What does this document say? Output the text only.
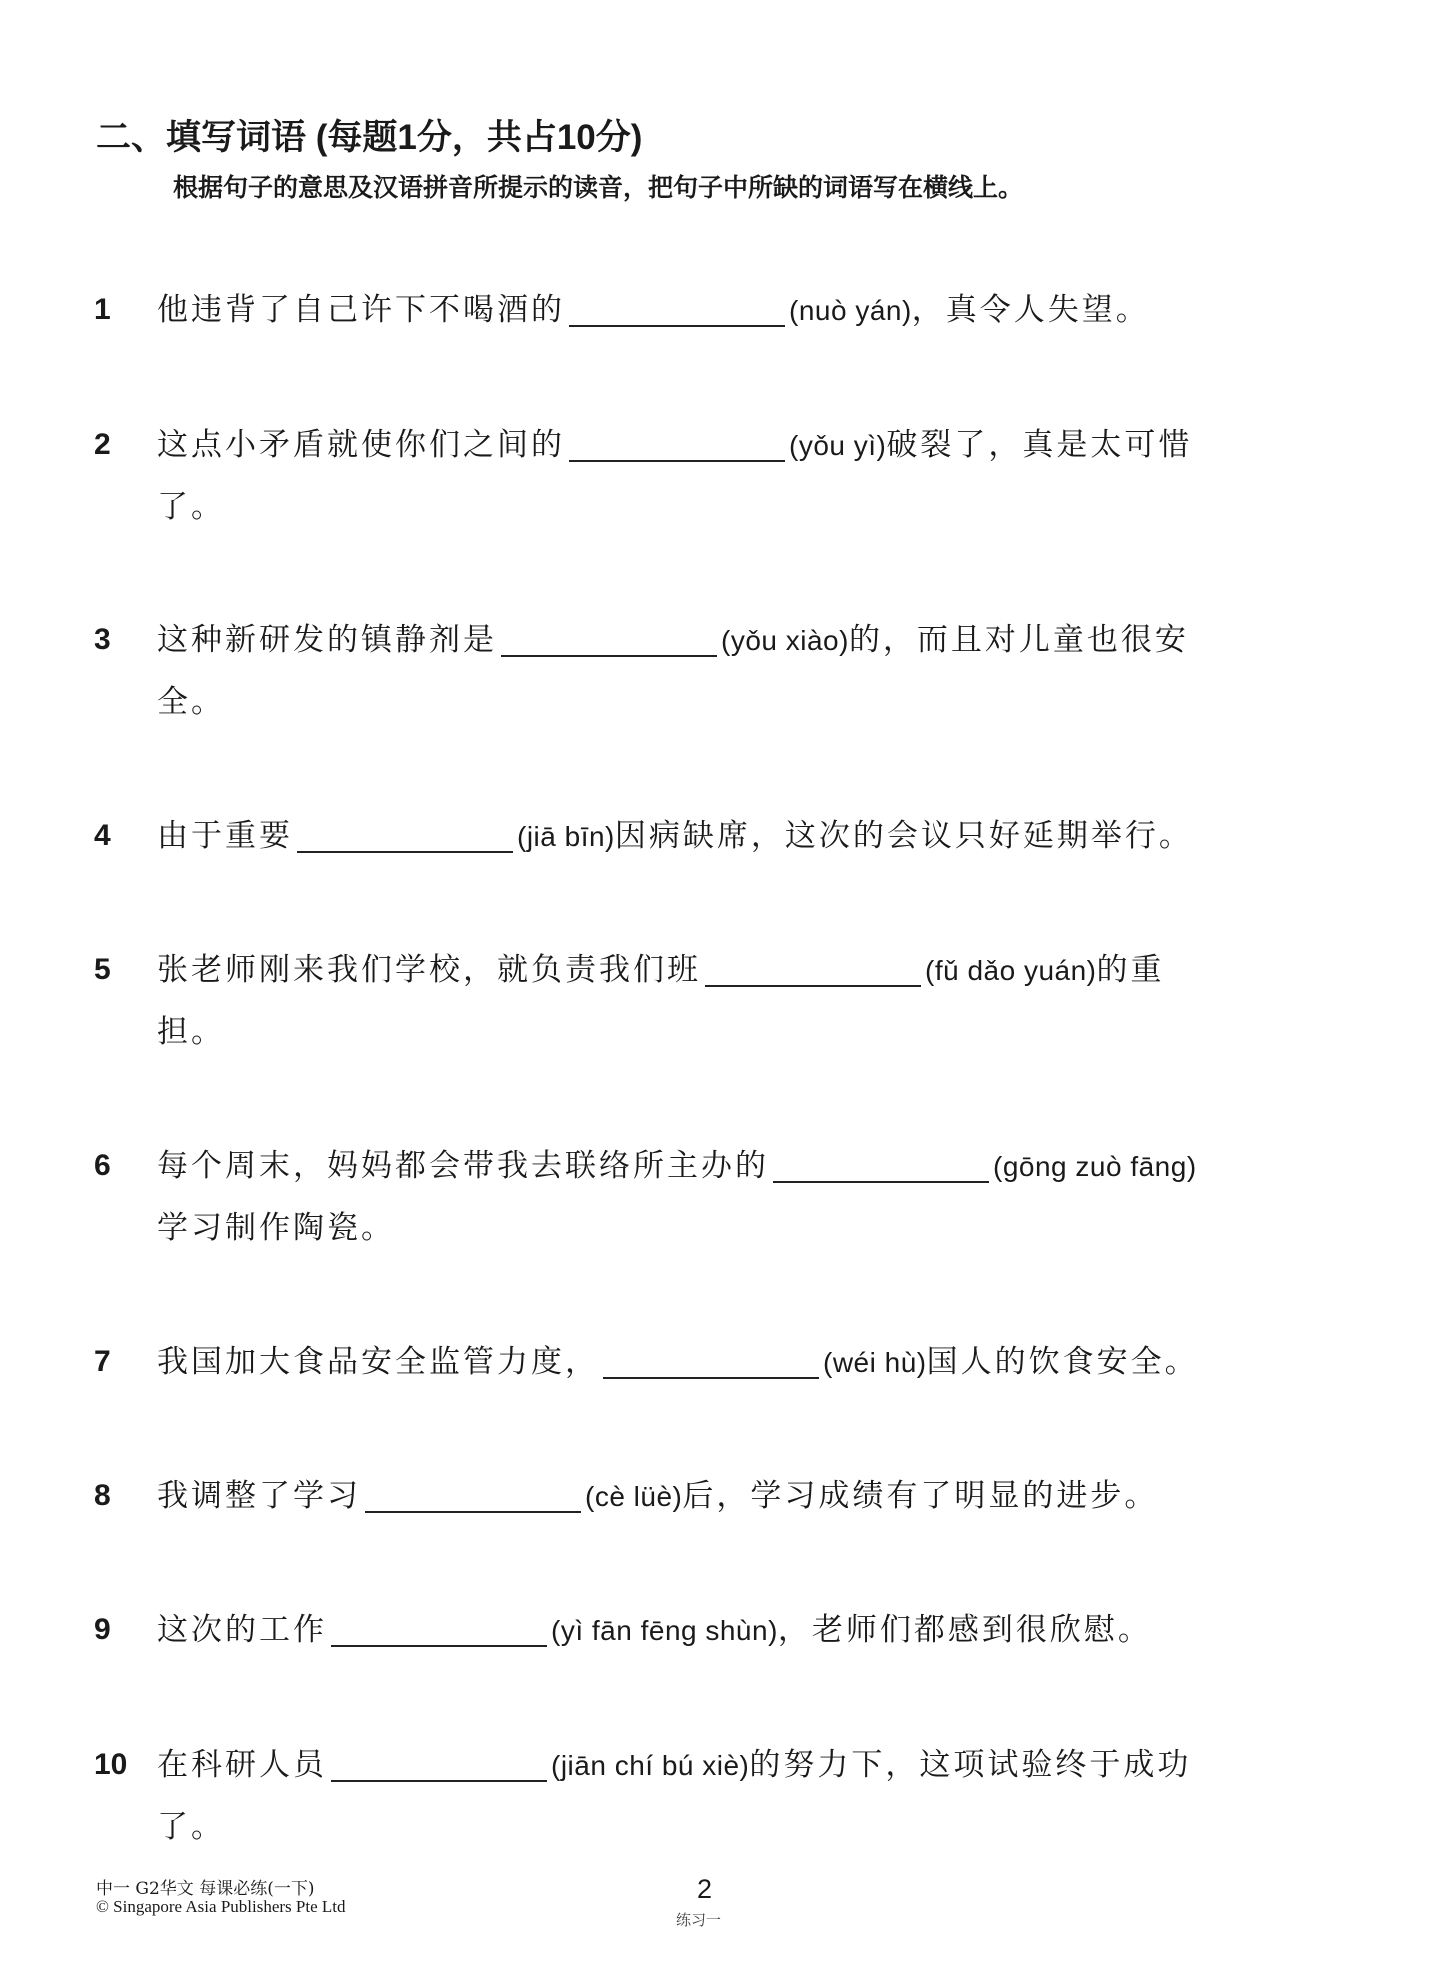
二、填写词语 (每题1分，共占10分)
根据句子的意思及汉语拼音所提示的读音，把句子中所缺的词语写在横线上。
1 他违背了自己许下不喝酒的	(nuò yán)，真令人失望。
2 这点小矛盾就使你们之间的	(yǒu yì)破裂了，真是太可惜
了。
3 这种新研发的镇静剂是	(yǒu xiào)的，而且对儿童也很安
全。
4 由于重要	(jiā bīn)因病缺席，这次的会议只好延期举行。
5 张老师刚来我们学校，就负责我们班	(fǔ dǎo yuán)的重
担。
6 每个周末，妈妈都会带我去联络所主办的	(gōng zuò fāng)
学习制作陶瓷。
7 我国加大食品安全监管力度，	(wéi hù)国人的饮食安全。
8 我调整了学习	(cè lüè)后，学习成绩有了明显的进步。
9 这次的工作	(yì fān fēng shùn)，老师们都感到很欣慰。
10 在科研人员	(jiān chí bú xiè)的努力下，这项试验终于成功
了。
中一 G2华文 每课必练(一下)
© Singapore Asia Publishers Pte Ltd
2
练习一
